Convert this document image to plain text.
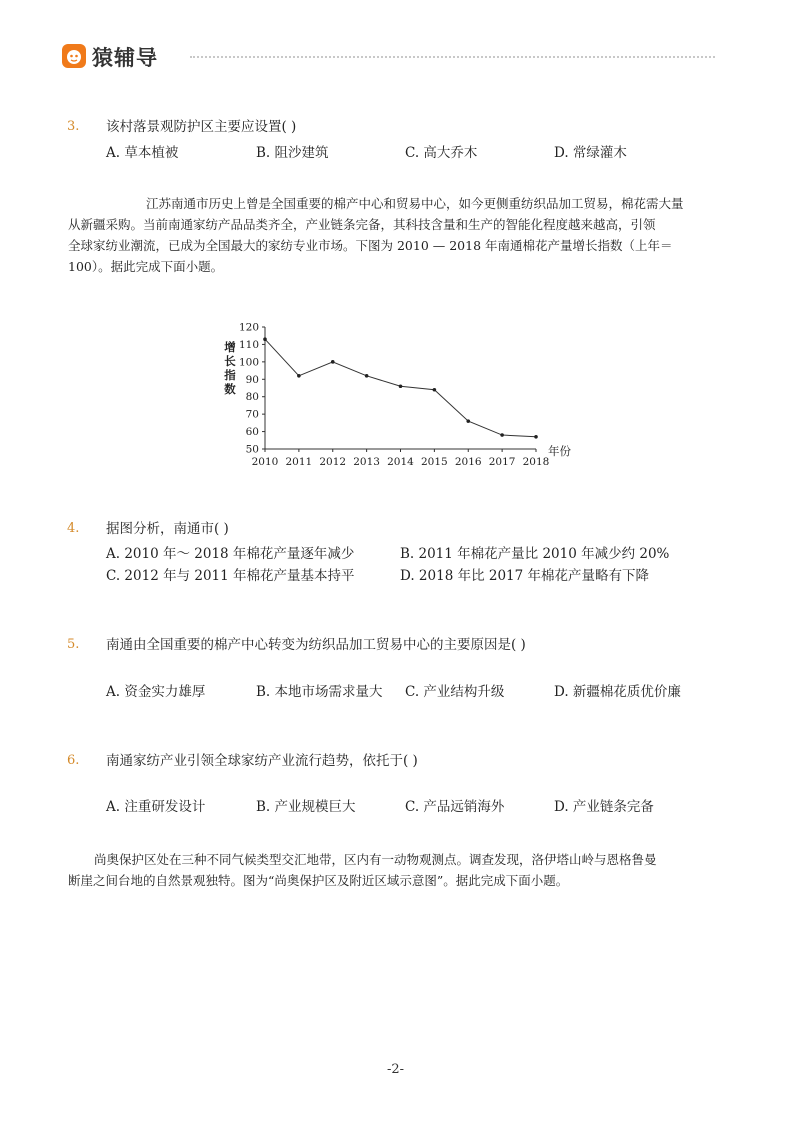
猿辅导
3. 该村落景观防护区主要应设置( )
A. 草本植被	B. 阻沙建筑	C. 高大乔木	D. 常绿灌木
江苏南通市历史上曾是全国重要的棉产中心和贸易中心，如今更侧重纺织品加工贸易，棉花需大量
从新疆采购。当前南通家纺产品品类齐全，产业链条完备，其科技含量和生产的智能化程度越来越高，引领
全球家纺业潮流，已成为全国最大的家纺专业市场。下图为 2010 — 2018 年南通棉花产量增长指数（上年＝
100）。据此完成下面小题。
120
110
100
90
80
70
60
50
增
长
指
数
2010 2011 2012 2013 2014 2015 2016 2017 2018
年份
4. 据图分析，南通市( )
A. 2010 年～ 2018 年棉花产量逐年减少	B. 2011 年棉花产量比 2010 年减少约 20%
C. 2012 年与 2011 年棉花产量基本持平	D. 2018 年比 2017 年棉花产量略有下降
5. 南通由全国重要的棉产中心转变为纺织品加工贸易中心的主要原因是( )
A. 资金实力雄厚	B. 本地市场需求量大 C. 产业结构升级	D. 新疆棉花质优价廉
6. 南通家纺产业引领全球家纺产业流行趋势，依托于( )
A. 注重研发设计	B. 产业规模巨大	C. 产品远销海外	D. 产业链条完备
尚奥保护区处在三种不同气候类型交汇地带，区内有一动物观测点。调查发现，洛伊塔山岭与恩格鲁曼
断崖之间台地的自然景观独特。图为“尚奥保护区及附近区域示意图”。据此完成下面小题。
-2-
